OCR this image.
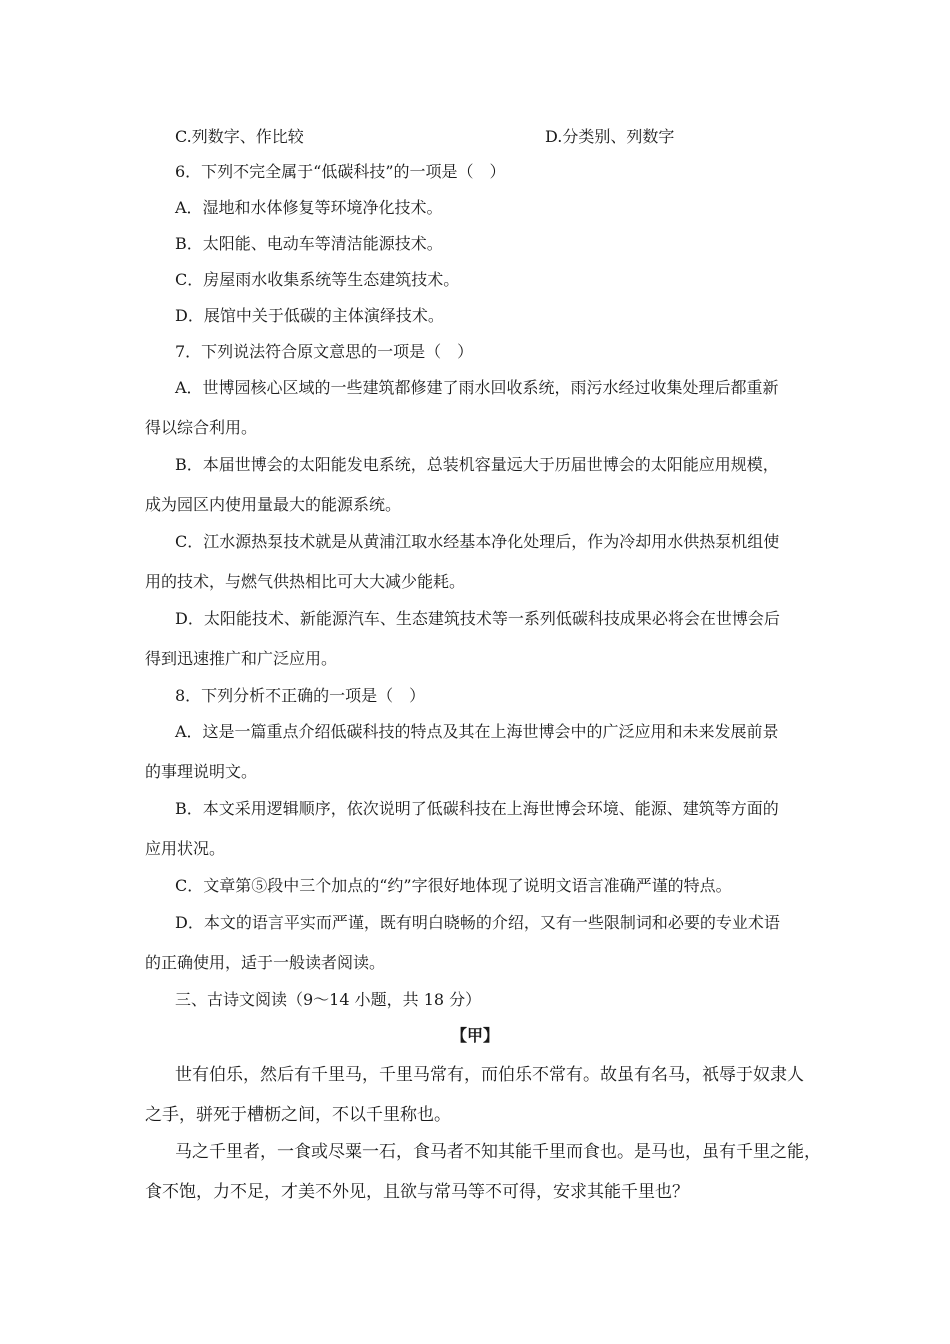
C.列数字、作比较	D.分类别、列数字
6．下列不完全属于“低碳科技”的一项是（　）
A．湿地和水体修复等环境净化技术。
B．太阳能、电动车等清洁能源技术。
C．房屋雨水收集系统等生态建筑技术。
D．展馆中关于低碳的主体演绎技术。
7．下列说法符合原文意思的一项是（　）
A．世博园核心区域的一些建筑都修建了雨水回收系统，雨污水经过收集处理后都重新
得以综合利用。
B．本届世博会的太阳能发电系统，总装机容量远大于历届世博会的太阳能应用规模，
成为园区内使用量最大的能源系统。
C．江水源热泵技术就是从黄浦江取水经基本净化处理后，作为冷却用水供热泵机组使
用的技术，与燃气供热相比可大大减少能耗。
D．太阳能技术、新能源汽车、生态建筑技术等一系列低碳科技成果必将会在世博会后
得到迅速推广和广泛应用。
8．下列分析不正确的一项是（　）
A．这是一篇重点介绍低碳科技的特点及其在上海世博会中的广泛应用和未来发展前景
的事理说明文。
B．本文采用逻辑顺序，依次说明了低碳科技在上海世博会环境、能源、建筑等方面的
应用状况。
C．文章第⑤段中三个加点的“约”字很好地体现了说明文语言准确严谨的特点。
D．本文的语言平实而严谨，既有明白晓畅的介绍，又有一些限制词和必要的专业术语
的正确使用，适于一般读者阅读。
三、古诗文阅读（9～14 小题，共 18 分）
【甲】
世有伯乐，然后有千里马，千里马常有，而伯乐不常有。故虽有名马，祇辱于奴隶人
之手，骈死于槽枥之间，不以千里称也。
马之千里者，一食或尽粟一石，食马者不知其能千里而食也。是马也，虽有千里之能，
食不饱，力不足，才美不外见，且欲与常马等不可得，安求其能千里也？
